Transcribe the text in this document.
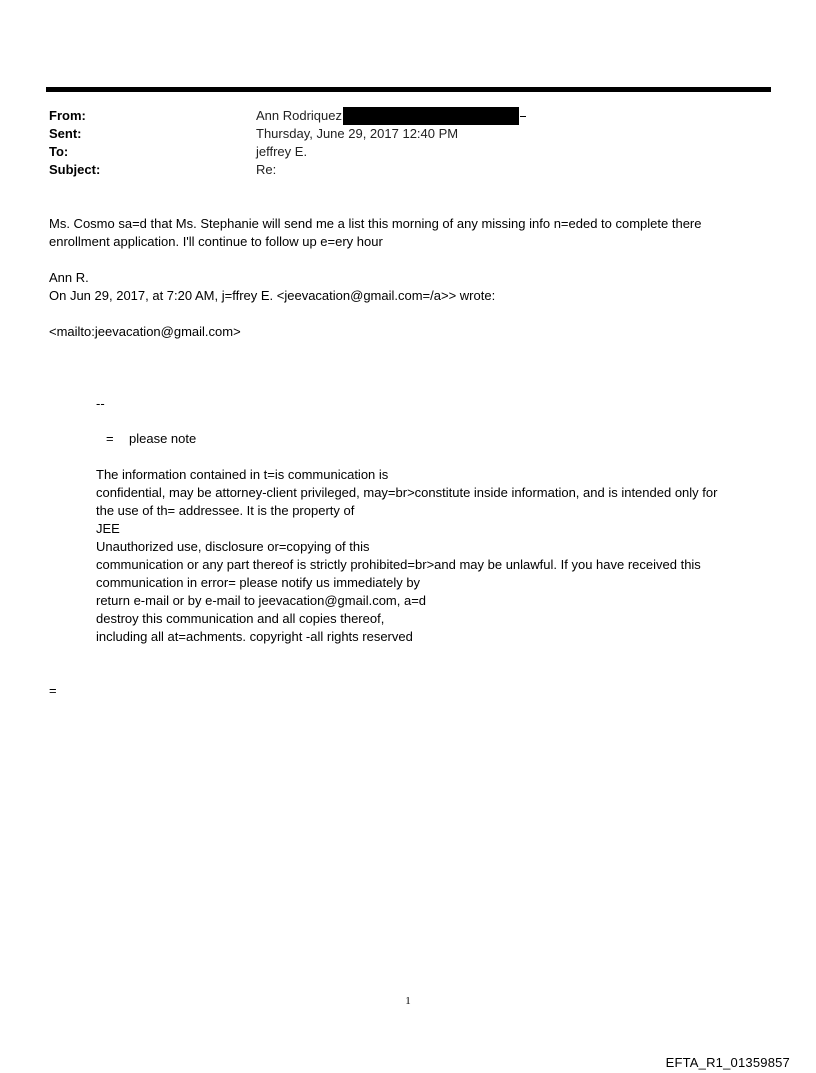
From:	Ann Rodriquez
Sent:	Thursday, June 29, 2017 12:40 PM
To:	jeffrey E.
Subject:	Re:
Ms. Cosmo sa=d that Ms. Stephanie will send me a list this morning of any missing info n=eded to complete there
enrollment application. I'll continue to follow up e=ery hour
Ann R.
On Jun 29, 2017, at 7:20 AM, j=ffrey E. <jeevacation@gmail.com=/a>> wrote:
<mailto:jeevacation@gmail.com>
--
= please note
The information contained in t=is communication is
confidential, may be attorney-client privileged, may=br>constitute inside information, and is intended only for
the use of th= addressee. It is the property of
JEE
Unauthorized use, disclosure or=copying of this
communication or any part thereof is strictly prohibited=br>and may be unlawful. If you have received this
communication in error= please notify us immediately by
return e-mail or by e-mail to jeevacation@gmail.com, a=d
destroy this communication and all copies thereof,
including all at=achments. copyright -all rights reserved
=
1
EFTA_R1_01359857
